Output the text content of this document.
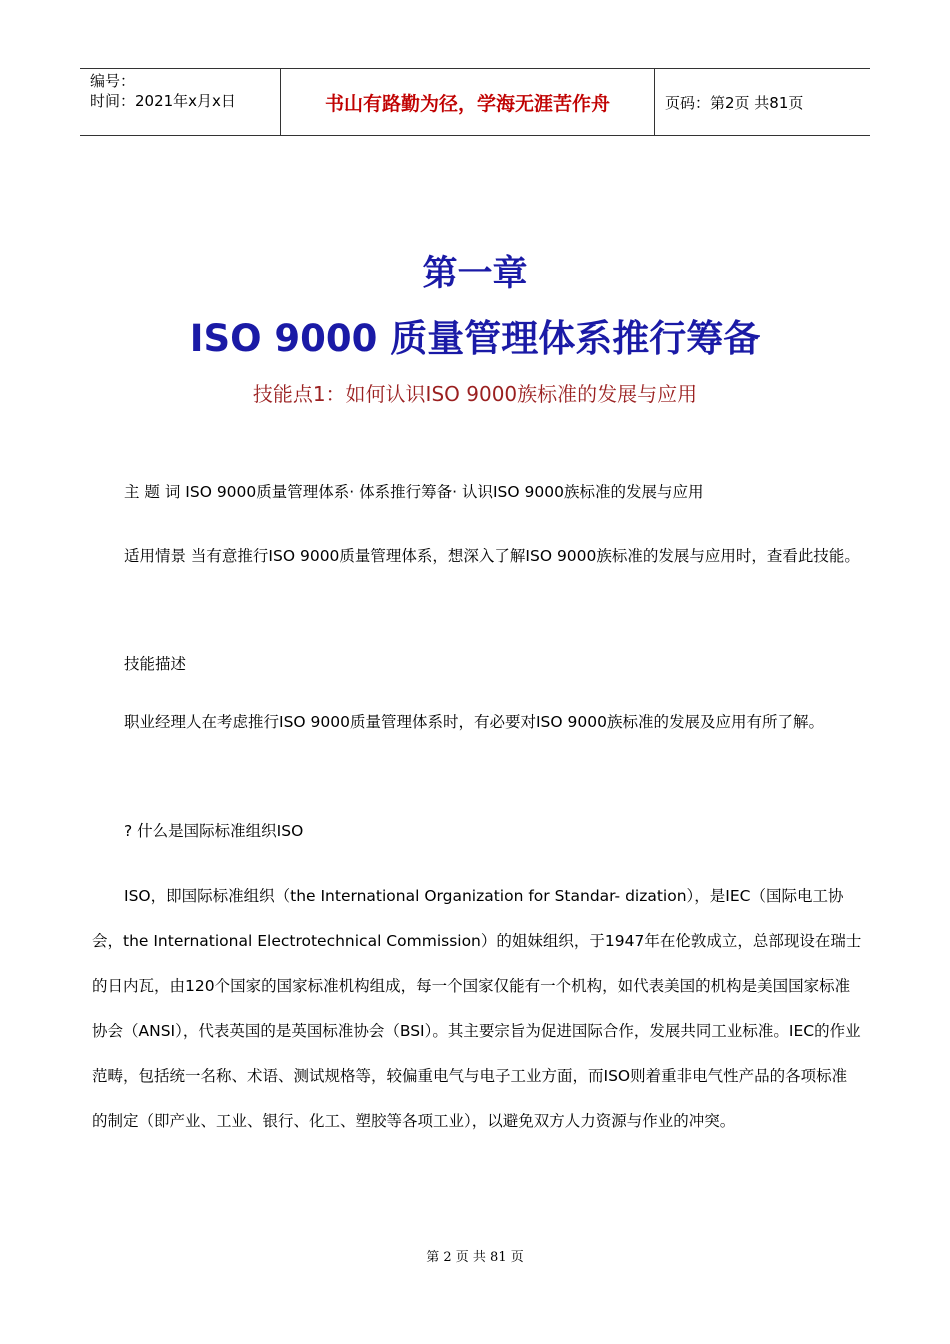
编号：
时间：2021年x月x日	书山有路勤为径，学海无涯苦作舟	页码：第2页 共81页
第一章
ISO 9000 质量管理体系推行筹备
技能点1：如何认识ISO 9000族标准的发展与应用

主 题 词 ISO 9000质量管理体系· 体系推行筹备· 认识ISO 9000族标准的发展与应用

适用情景 当有意推行ISO 9000质量管理体系，想深入了解ISO 9000族标准的发展与应用时，查看此技能。

技能描述

职业经理人在考虑推行ISO 9000质量管理体系时，有必要对ISO 9000族标准的发展及应用有所了解。

? 什么是国际标准组织ISO

ISO，即国际标准组织（the International Organization for Standar- dization），是IEC（国际电工协会，the International Electrotechnical Commission）的姐妹组织，于1947年在伦敦成立，总部现设在瑞士的日内瓦，由120个国家的国家标准机构组成，每一个国家仅能有一个机构，如代表美国的机构是美国国家标准协会（ANSI），代表英国的是英国标准协会（BSI）。其主要宗旨为促进国际合作，发展共同工业标准。IEC的作业范畴，包括统一名称、术语、测试规格等，较偏重电气与电子工业方面，而ISO则着重非电气性产品的各项标准的制定（即产业、工业、银行、化工、塑胶等各项工业），以避免双方人力资源与作业的冲突。

第 2 页 共 81 页
